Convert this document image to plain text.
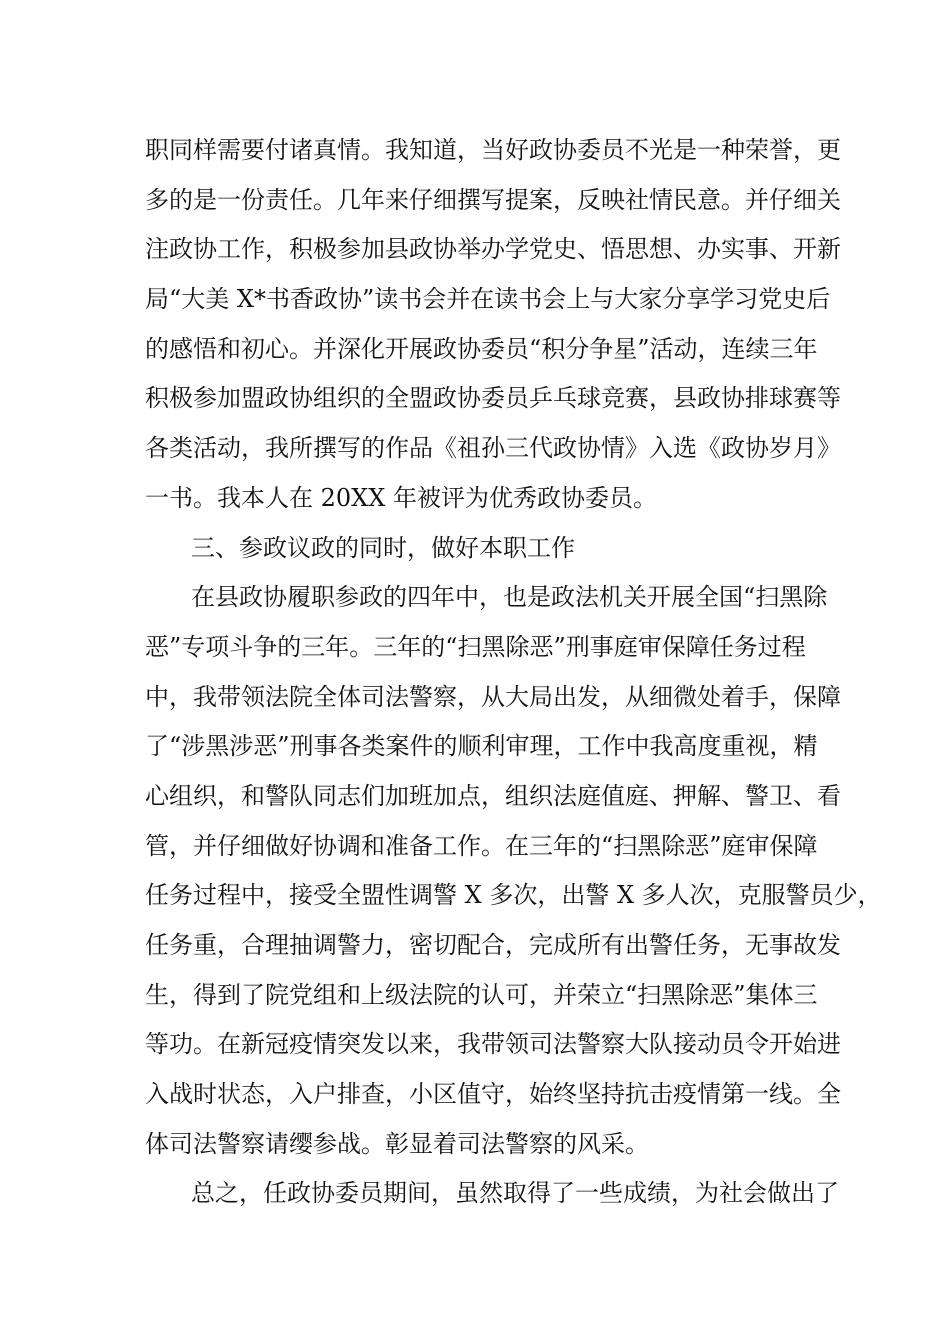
职同样需要付诸真情。我知道，当好政协委员不光是一种荣誉，更
多的是一份责任。几年来仔细撰写提案，反映社情民意。并仔细关
注政协工作，积极参加县政协举办学党史、悟思想、办实事、开新
局“大美 X*书香政协”读书会并在读书会上与大家分享学习党史后
的感悟和初心。并深化开展政协委员“积分争星”活动，连续三年
积极参加盟政协组织的全盟政协委员乒乓球竞赛，县政协排球赛等
各类活动，我所撰写的作品《祖孙三代政协情》入选《政协岁月》
一书。我本人在 20XX 年被评为优秀政协委员。
三、参政议政的同时，做好本职工作
在县政协履职参政的四年中，也是政法机关开展全国“扫黑除
恶”专项斗争的三年。三年的“扫黑除恶”刑事庭审保障任务过程
中，我带领法院全体司法警察，从大局出发，从细微处着手，保障
了“涉黑涉恶”刑事各类案件的顺利审理，工作中我高度重视，精
心组织，和警队同志们加班加点，组织法庭值庭、押解、警卫、看
管，并仔细做好协调和准备工作。在三年的“扫黑除恶”庭审保障
任务过程中，接受全盟性调警 X 多次，出警 X 多人次，克服警员少，
任务重，合理抽调警力，密切配合，完成所有出警任务，无事故发
生，得到了院党组和上级法院的认可，并荣立“扫黑除恶”集体三
等功。在新冠疫情突发以来，我带领司法警察大队接动员令开始进
入战时状态，入户排查，小区值守，始终坚持抗击疫情第一线。全
体司法警察请缨参战。彰显着司法警察的风采。
总之，任政协委员期间，虽然取得了一些成绩，为社会做出了
